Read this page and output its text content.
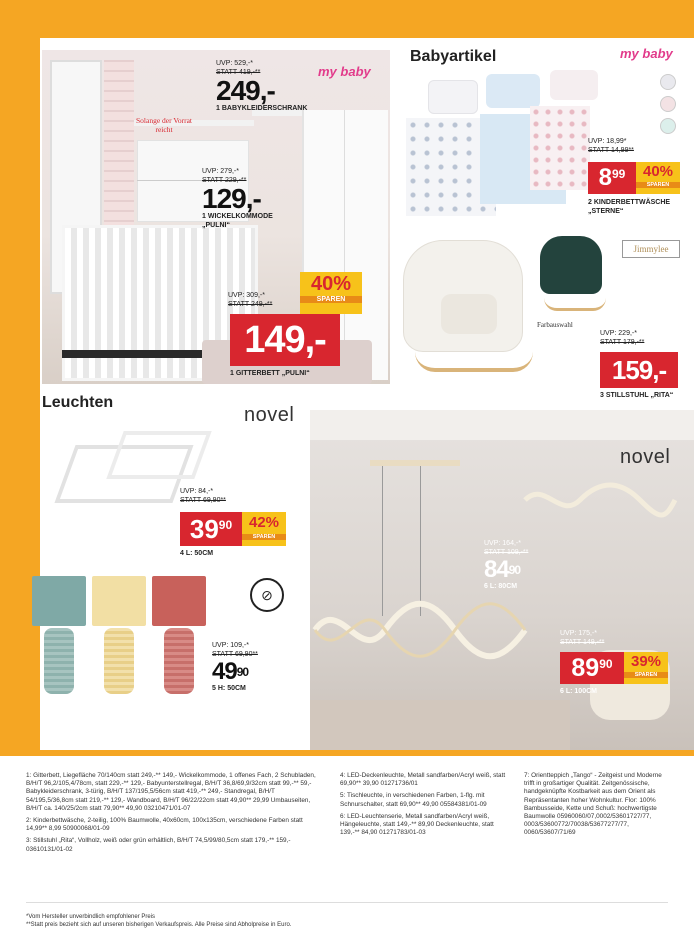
Solange der Vorrat reicht
my baby
UVP: 529,-*
STATT 419,-**
249,-
1 BABYKLEIDERSCHRANK
UVP: 279,-*
STATT 229,-**
129,-
1 WICKELKOMMODE „PULNI“
UVP: 309,-*
STATT 249,-**
40%
SPAREN
149,-
1 GITTERBETT „PULNI“
Babyartikel	my baby
UVP: 18,99*
STATT 14,99**
8 99	40%
SPAREN
2 KINDERBETTWÄSCHE „STERNE“
Jimmylee
Farbauswahl
UVP: 229,-*
STATT 179,-**
159,-
3 STILLSTUHL „RITA“
Leuchten
novel
UVP: 84,-*
STATT 69,90**
39 90	42%
SPAREN
4 L: 50CM
⊘
UVP: 109,-*
STATT 69,90**
$49^{90}$
5 H: 50CM
novel
UVP: 164,-*
STATT 109,-**
$84^{90}$
6 L: 80CM
UVP: 175,-*
STATT 149,-**
89 90	39%
SPAREN
6 L: 100CM
1: Gitterbett, Liegefläche 70/140cm statt 249,-** 149,- Wickelkommode, 1 offenes Fach, 2 Schubladen, B/H/T 96,2/105,4/78cm, statt 229,-** 129,- Babyunterstellregal, B/H/T 36,8/69,9/32cm statt 99,-** 59,- Babykleiderschrank, 3-türig, B/H/T 137/195,5/56cm statt 419,-** 249,- Standregal, B/H/T 54/195,5/36,8cm statt 219,-** 129,- Wandboard, B/H/T 96/22/22cm statt 49,90** 29,99 Umbauseiten, B/H/T ca. 140/25/2cm statt 79,90** 49,90 03210471/01-07
2: Kinderbettwäsche, 2-teilig, 100% Baumwolle, 40x60cm, 100x135cm, verschiedene Farben statt 14,99** 8,99 50900068/01-09
3: Stillstuhl „Rita“, Vollholz, weiß oder grün erhältlich, B/H/T 74,5/99/80,5cm statt 179,-** 159,- 03610131/01-02
4: LED-Deckenleuchte, Metall sandfarben/Acryl weiß, statt 69,90** 39,90 01271736/01
5: Tischleuchte, in verschiedenen Farben, 1-flg. mit Schnurschalter, statt 69,90** 49,90 05584381/01-09
6: LED-Leuchtenserie, Metall sandfarben/Acryl weiß, Hängeleuchte, statt 149,-** 89,90 Deckenleuchte, statt 139,-** 84,90 01271783/01-03
7: Orientteppich „Tango“ - Zeitgeist und Moderne trifft in großartiger Qualität. Zeitgenössische, handgeknüpfte Kostbarkeit aus dem Orient als Repräsentanten hoher Wohnkultur. Flor: 100% Bambusseide, Kette und Schuß: hochwertigste Baumwolle 05960060/07,0002/53601727/77, 0003/53600772/70038/53677277/77, 0060/53607/71/69
*Vom Hersteller unverbindlich empfohlener Preis
**Statt preis bezieht sich auf unseren bisherigen Verkaufspreis. Alle Preise sind Abholpreise in Euro.
